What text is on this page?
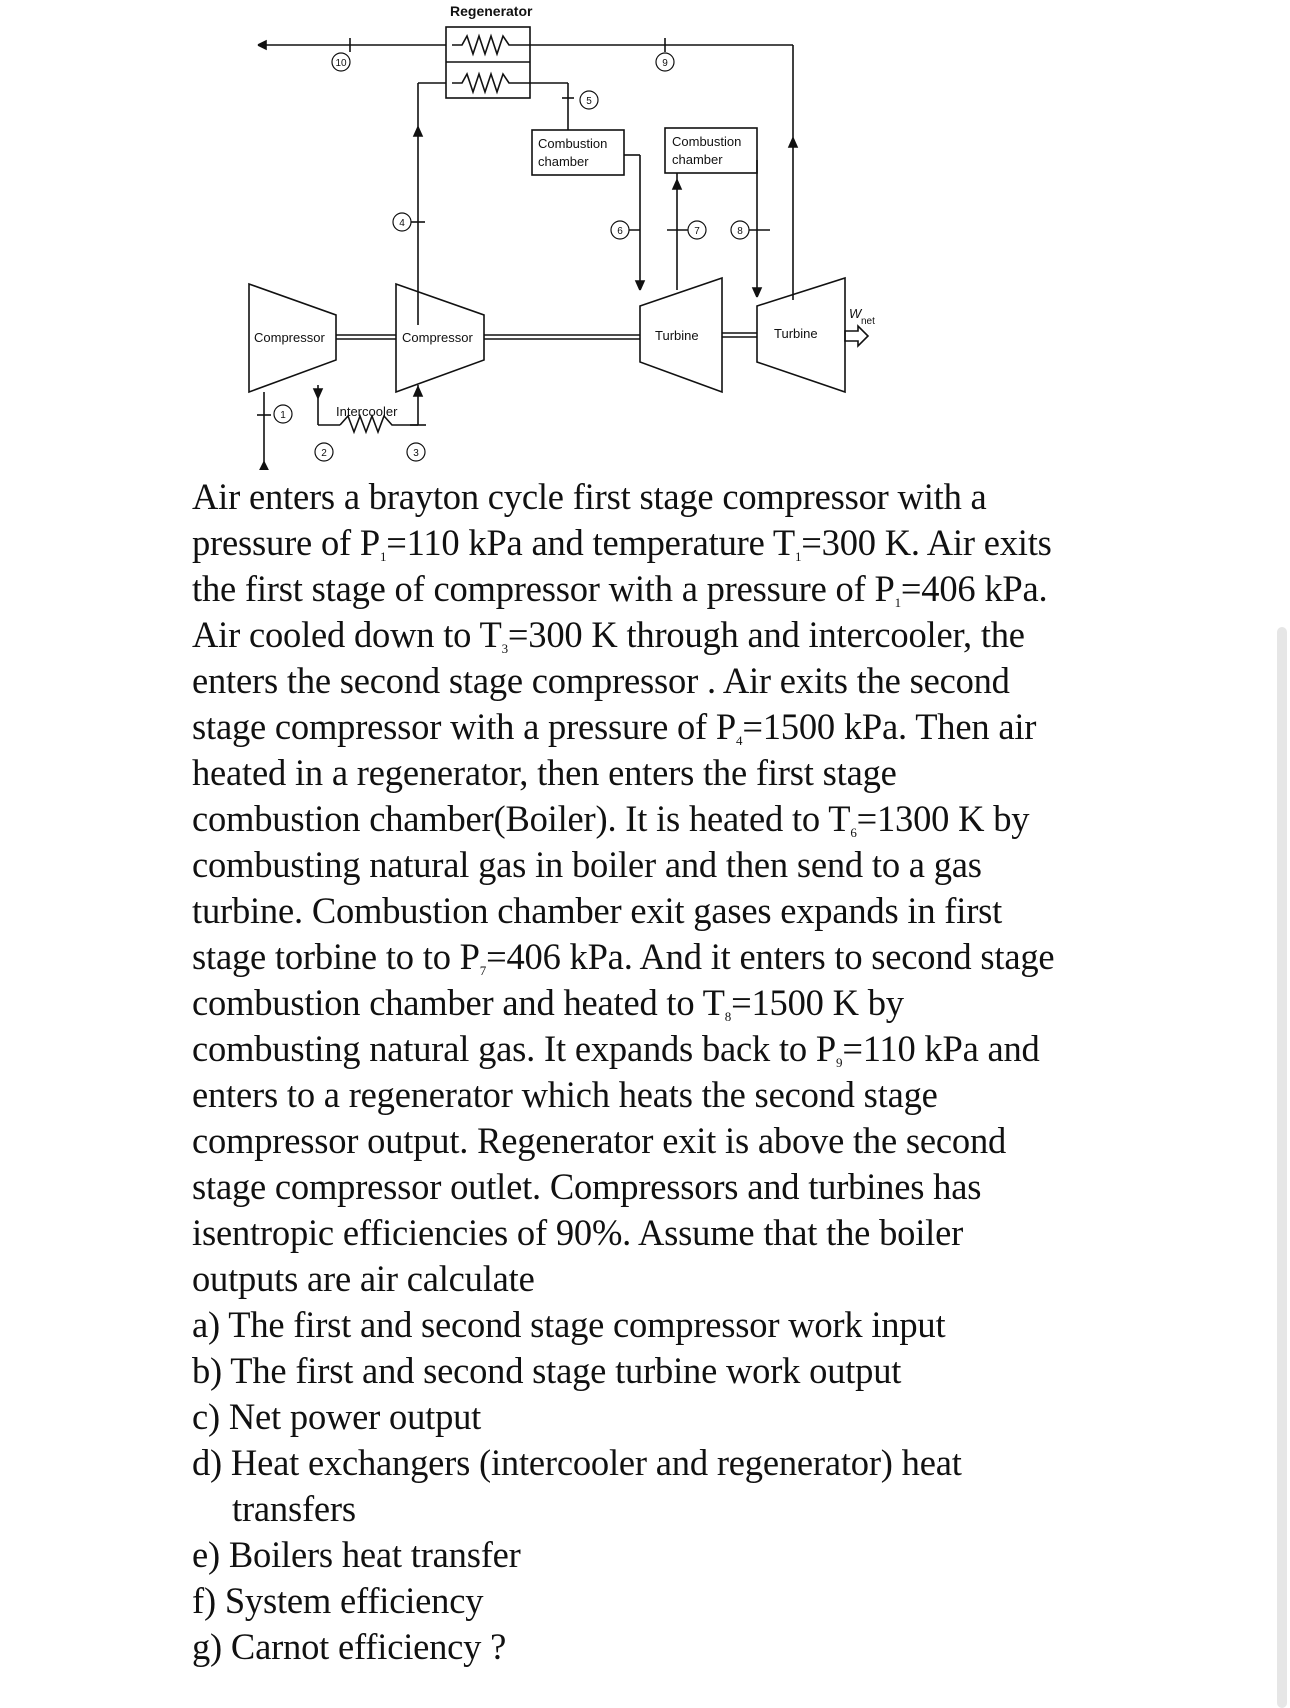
10	9
5
4
6	7	8
1
2	3
Regenerator
Combustion
chamber
Combustion
chamber
Compressor	Compressor	Turbine	Turbine
Intercooler
W
net

Air enters a brayton cycle first stage compressor with a
pressure of $P_1=110$ kPa and temperature $T_1=300$ K. Air exits
the first stage of compressor with a pressure of $P_1=406$ kPa.
Air cooled down to $T_3=300$ K through and intercooler, the
enters the second stage compressor . Air exits the second
stage compressor with a pressure of $P_4=1500$ kPa. Then air
heated in a regenerator, then enters the first stage
combustion chamber(Boiler). It is heated to $T_6=1300$ K by
combusting natural gas in boiler and then send to a gas
turbine. Combustion chamber exit gases expands in first
stage torbine to to $P_7=406$ kPa. And it enters to second stage
combustion chamber and heated to $T_8=1500$ K by
combusting natural gas. It expands back to $P_9=110$ kPa and
enters to a regenerator which heats the second stage
compressor output. Regenerator exit is above the second
stage compressor outlet. Compressors and turbines has
isentropic efficiencies of 90%. Assume that the boiler
outputs are air calculate

a) The first and second stage compressor work input
b) The first and second stage turbine work output
c) Net power output
d) Heat exchangers (intercooler and regenerator) heat transfers
e) Boilers heat transfer
f) System efficiency
g) Carnot efficiency ?
